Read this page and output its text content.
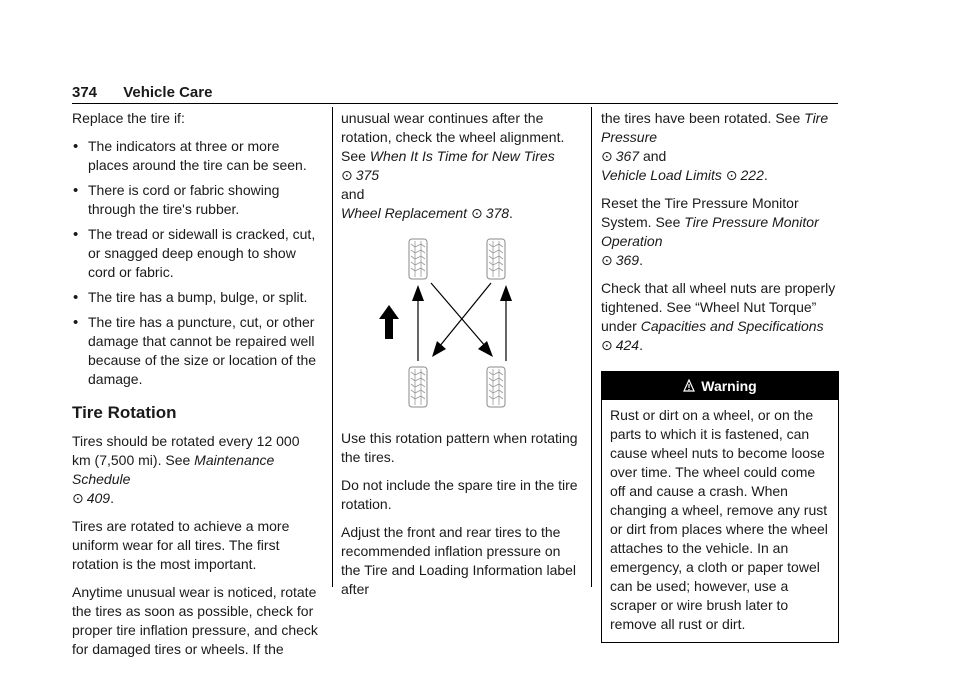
374 Vehicle Care

Replace the tire if:

• The indicators at three or more places around the tire can be seen.
• There is cord or fabric showing through the tire's rubber.
• The tread or sidewall is cracked, cut, or snagged deep enough to show cord or fabric.
• The tire has a bump, bulge, or split.
• The tire has a puncture, cut, or other damage that cannot be repaired well because of the size or location of the damage.
Tire Rotation

Tires should be rotated every 12 000 km (7,500 mi). See Maintenance Schedule
⊙ 409.

Tires are rotated to achieve a more uniform wear for all tires. The first rotation is the most important.

Anytime unusual wear is noticed, rotate the tires as soon as possible, check for proper tire inflation pressure, and check for damaged tires or wheels. If the

unusual wear continues after the rotation, check the wheel alignment. See When It Is Time for New Tires ⊙ 375
and
Wheel Replacement ⊙ 378.

Use this rotation pattern when rotating the tires.

Do not include the spare tire in the tire rotation.

Adjust the front and rear tires to the recommended inflation pressure on the Tire and Loading Information label after

the tires have been rotated. See Tire Pressure
⊙ 367 and
Vehicle Load Limits ⊙ 222.

Reset the Tire Pressure Monitor System. See Tire Pressure Monitor Operation
⊙ 369.

Check that all wheel nuts are properly tightened. See “Wheel Nut Torque” under Capacities and Specifications
⊙ 424.

Warning
Rust or dirt on a wheel, or on the parts to which it is fastened, can cause wheel nuts to become loose over time. The wheel could come off and cause a crash. When changing a wheel, remove any rust or dirt from places where the wheel attaches to the vehicle. In an emergency, a cloth or paper towel can be used; however, use a scraper or wire brush later to remove all rust or dirt.
